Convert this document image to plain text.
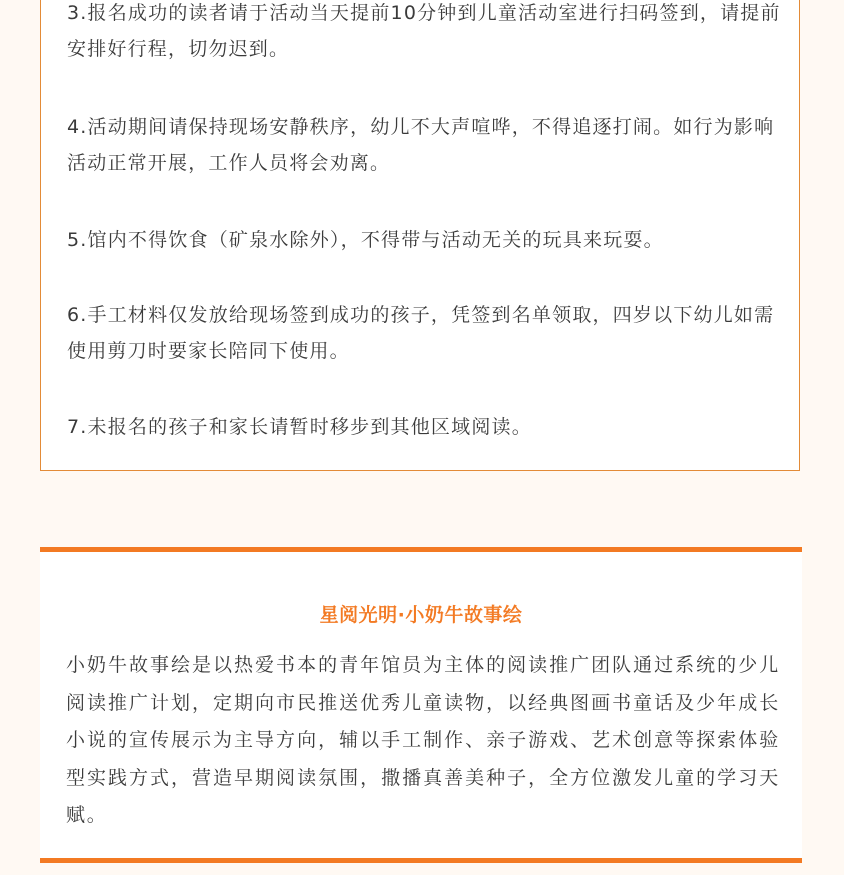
3.报名成功的读者请于活动当天提前10分钟到儿童活动室进行扫码签到，请提前安排好行程，切勿迟到。

4.活动期间请保持现场安静秩序，幼儿不大声喧哗，不得追逐打闹。如行为影响活动正常开展，工作人员将会劝离。

5.馆内不得饮食（矿泉水除外），不得带与活动无关的玩具来玩耍。

6.手工材料仅发放给现场签到成功的孩子，凭签到名单领取，四岁以下幼儿如需使用剪刀时要家长陪同下使用。

7.未报名的孩子和家长请暂时移步到其他区域阅读。

星阅光明·小奶牛故事绘

小奶牛故事绘是以热爱书本的青年馆员为主体的阅读推广团队通过系统的少儿阅读推广计划，定期向市民推送优秀儿童读物，以经典图画书童话及少年成长小说的宣传展示为主导方向，辅以手工制作、亲子游戏、艺术创意等探索体验型实践方式，营造早期阅读氛围，撒播真善美种子，全方位激发儿童的学习天赋。
